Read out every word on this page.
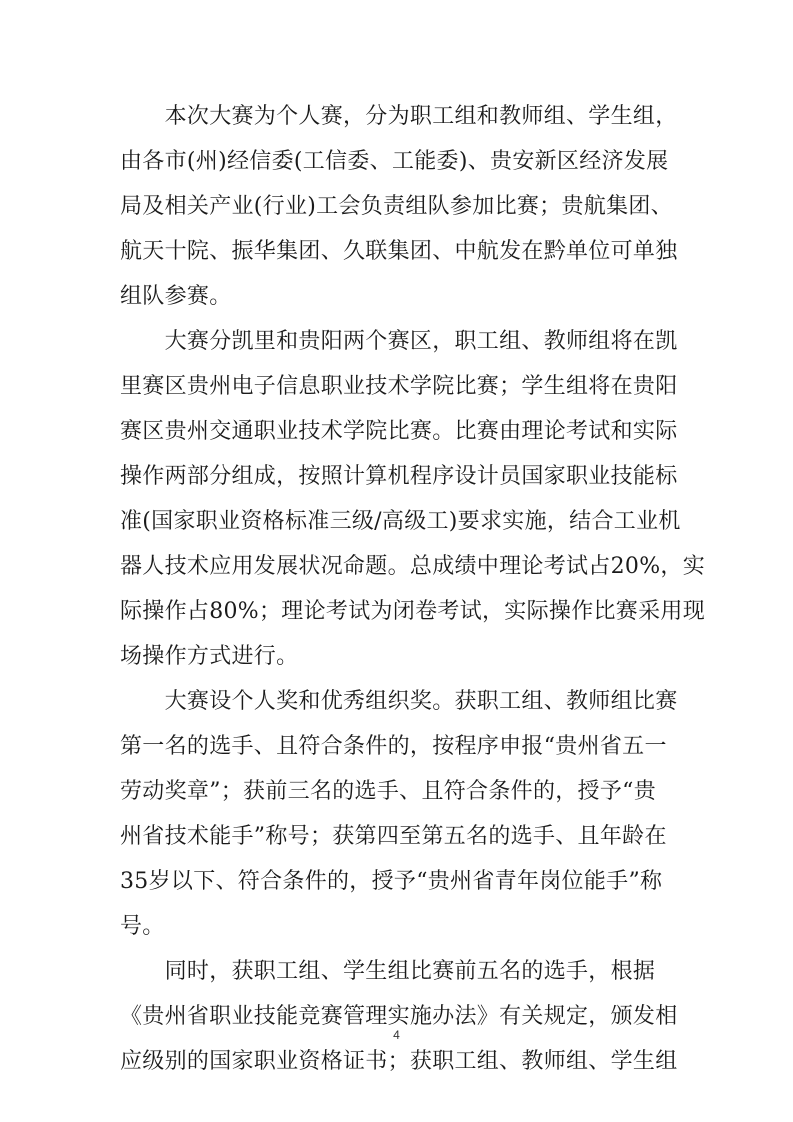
　　本次大赛为个人赛，分为职工组和教师组、学生组，
由各市(州)经信委(工信委、工能委)、贵安新区经济发展
局及相关产业(行业)工会负责组队参加比赛；贵航集团、
航天十院、振华集团、久联集团、中航发在黔单位可单独
组队参赛。
　　大赛分凯里和贵阳两个赛区，职工组、教师组将在凯
里赛区贵州电子信息职业技术学院比赛；学生组将在贵阳
赛区贵州交通职业技术学院比赛。比赛由理论考试和实际
操作两部分组成，按照计算机程序设计员国家职业技能标
准(国家职业资格标准三级/高级工)要求实施，结合工业机
器人技术应用发展状况命题。总成绩中理论考试占20%，实
际操作占80%；理论考试为闭卷考试，实际操作比赛采用现
场操作方式进行。
　　大赛设个人奖和优秀组织奖。获职工组、教师组比赛
第一名的选手、且符合条件的，按程序申报“贵州省五一
劳动奖章”；获前三名的选手、且符合条件的，授予“贵
州省技术能手”称号；获第四至第五名的选手、且年龄在
35岁以下、符合条件的，授予“贵州省青年岗位能手”称
号。
　　同时，获职工组、学生组比赛前五名的选手，根据
《贵州省职业技能竞赛管理实施办法》有关规定，颁发相
应级别的国家职业资格证书；获职工组、教师组、学生组
4
